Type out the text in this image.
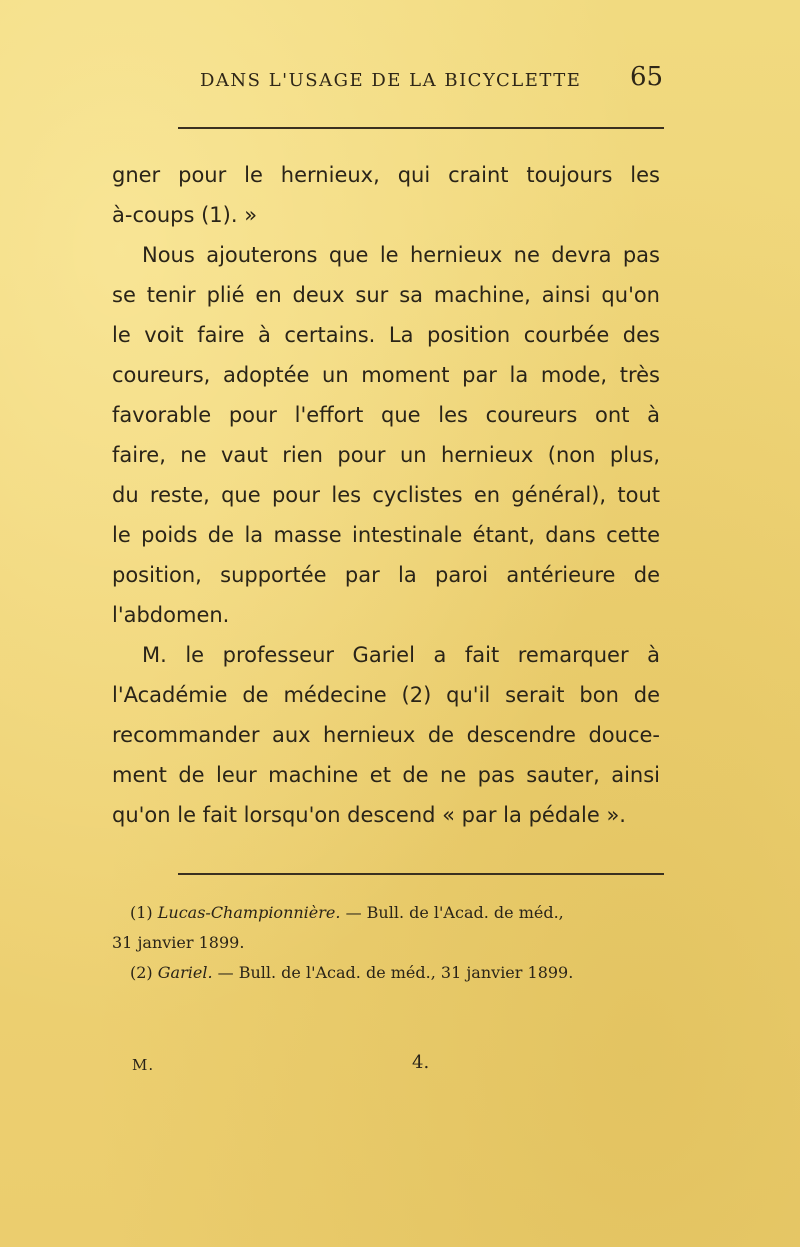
DANS L'USAGE DE LA BICYCLETTE 65
gner pour le hernieux, qui craint toujours les
à-coups (1). »
Nous ajouterons que le hernieux ne devra pas
se tenir plié en deux sur sa machine, ainsi qu'on
le voit faire à certains. La position courbée des
coureurs, adoptée un moment par la mode, très
favorable pour l'effort que les coureurs ont à
faire, ne vaut rien pour un hernieux (non plus,
du reste, que pour les cyclistes en général), tout
le poids de la masse intestinale étant, dans cette
position, supportée par la paroi antérieure de
l'abdomen.
M. le professeur Gariel a fait remarquer à
l'Académie de médecine (2) qu'il serait bon de
recommander aux hernieux de descendre douce-
ment de leur machine et de ne pas sauter, ainsi
qu'on le fait lorsqu'on descend « par la pédale ».
(1) Lucas-Championnière. — Bull. de l'Acad. de méd.,
31 janvier 1899.
(2) Gariel. — Bull. de l'Acad. de méd., 31 janvier 1899.
M.	4.
